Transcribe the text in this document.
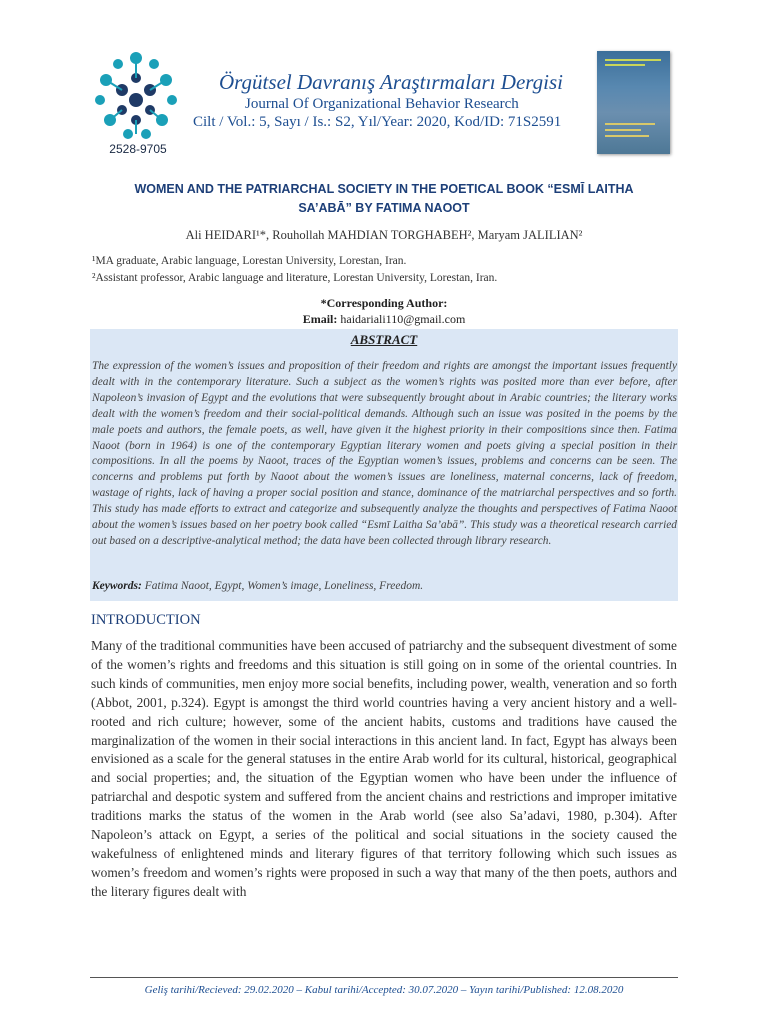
2528-9705
Örgütsel Davranış Araştırmaları Dergisi
Journal Of Organizational Behavior Research
Cilt / Vol.: 5, Sayı / Is.: S2, Yıl/Year: 2020, Kod/ID: 71S2591
WOMEN AND THE PATRIARCHAL SOCIETY IN THE POETICAL BOOK “ESMĪ LAITHA
SA’ABĀ” BY FATIMA NAOOT
Ali HEIDARI¹*, Rouhollah MAHDIAN TORGHABEH², Maryam JALILIAN²
¹MA graduate, Arabic language, Lorestan University, Lorestan, Iran.
²Assistant professor, Arabic language and literature, Lorestan University, Lorestan, Iran.
*Corresponding Author:
Email: haidariali110@gmail.com
ABSTRACT
The expression of the women’s issues and proposition of their freedom and rights are amongst the important issues frequently dealt with in the contemporary literature. Such a subject as the women’s rights was posited more than ever before, after Napoleon’s invasion of Egypt and the evolutions that were subsequently brought about in Arabic countries; the literary works dealt with the women’s freedom and their social-political demands. Although such an issue was posited in the poems by the male poets and authors, the female poets, as well, have given it the highest priority in their compositions since then. Fatima Naoot (born in 1964) is one of the contemporary Egyptian literary women and poets giving a special position in their compositions. In all the poems by Naoot, traces of the Egyptian women’s issues, problems and concerns can be seen. The concerns and problems put forth by Naoot about the women’s issues are loneliness, maternal concerns, lack of freedom, wastage of rights, lack of having a proper social position and stance, dominance of the matriarchal perspectives and so forth. This study has made efforts to extract and categorize and subsequently analyze the thoughts and perspectives of Fatima Naoot about the women’s issues based on her poetry book called “Esmī Laitha Sa’abā”. This study was a theoretical research carried out based on a descriptive-analytical method; the data have been collected through library research.
Keywords: Fatima Naoot, Egypt, Women’s image, Loneliness, Freedom.
INTRODUCTION
Many of the traditional communities have been accused of patriarchy and the subsequent divestment of some of the women’s rights and freedoms and this situation is still going on in some of the oriental countries. In such kinds of communities, men enjoy more social benefits, including power, wealth, veneration and so forth (Abbot, 2001, p.324). Egypt is amongst the third world countries having a very ancient history and a well-rooted and rich culture; however, some of the ancient habits, customs and traditions have caused the marginalization of the women in their social interactions in this ancient land. In fact, Egypt has always been envisioned as a scale for the general statuses in the entire Arab world for its cultural, historical, geographical and social properties; and, the situation of the Egyptian women who have been under the influence of patriarchal and despotic system and suffered from the ancient chains and restrictions and improper imitative traditions marks the status of the women in the Arab world (see also Sa’adavi, 1980, p.304). After Napoleon’s attack on Egypt, a series of the political and social situations in the society caused the wakefulness of enlightened minds and literary figures of that territory following which such issues as women’s freedom and women’s rights were proposed in such a way that many of the then poets, authors and the literary figures dealt with
Geliş tarihi/Recieved: 29.02.2020 – Kabul tarihi/Accepted: 30.07.2020 – Yayın tarihi/Published: 12.08.2020
